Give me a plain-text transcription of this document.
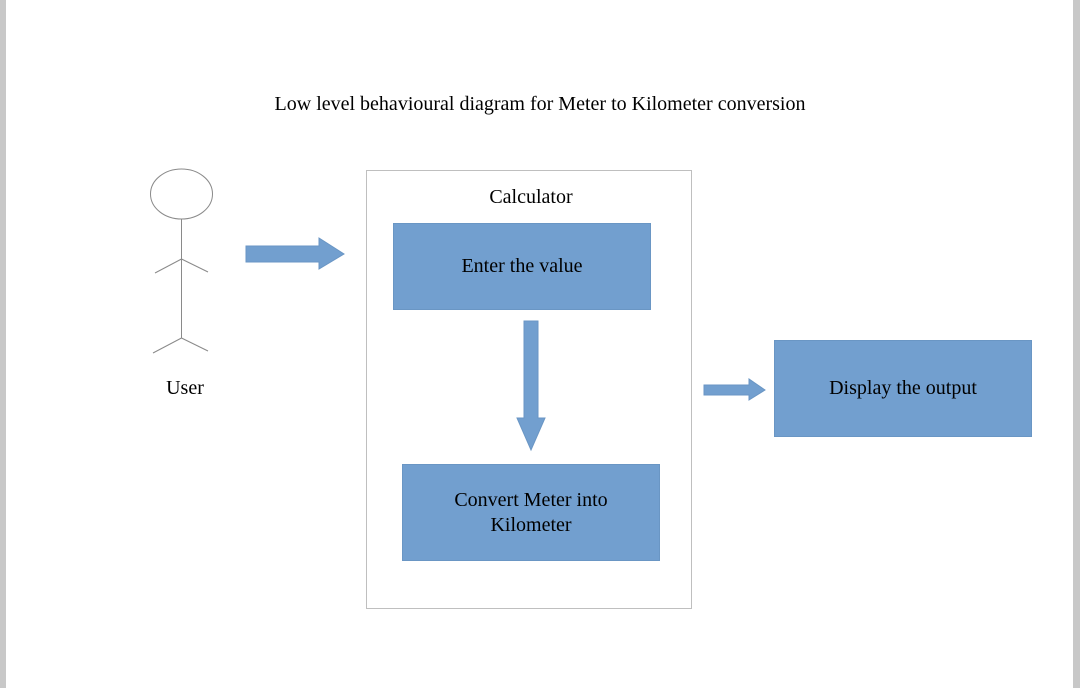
Low level behavioural diagram for Meter to Kilometer conversion
User
Calculator
Enter the value
Convert Meter into Kilometer
Display the output
